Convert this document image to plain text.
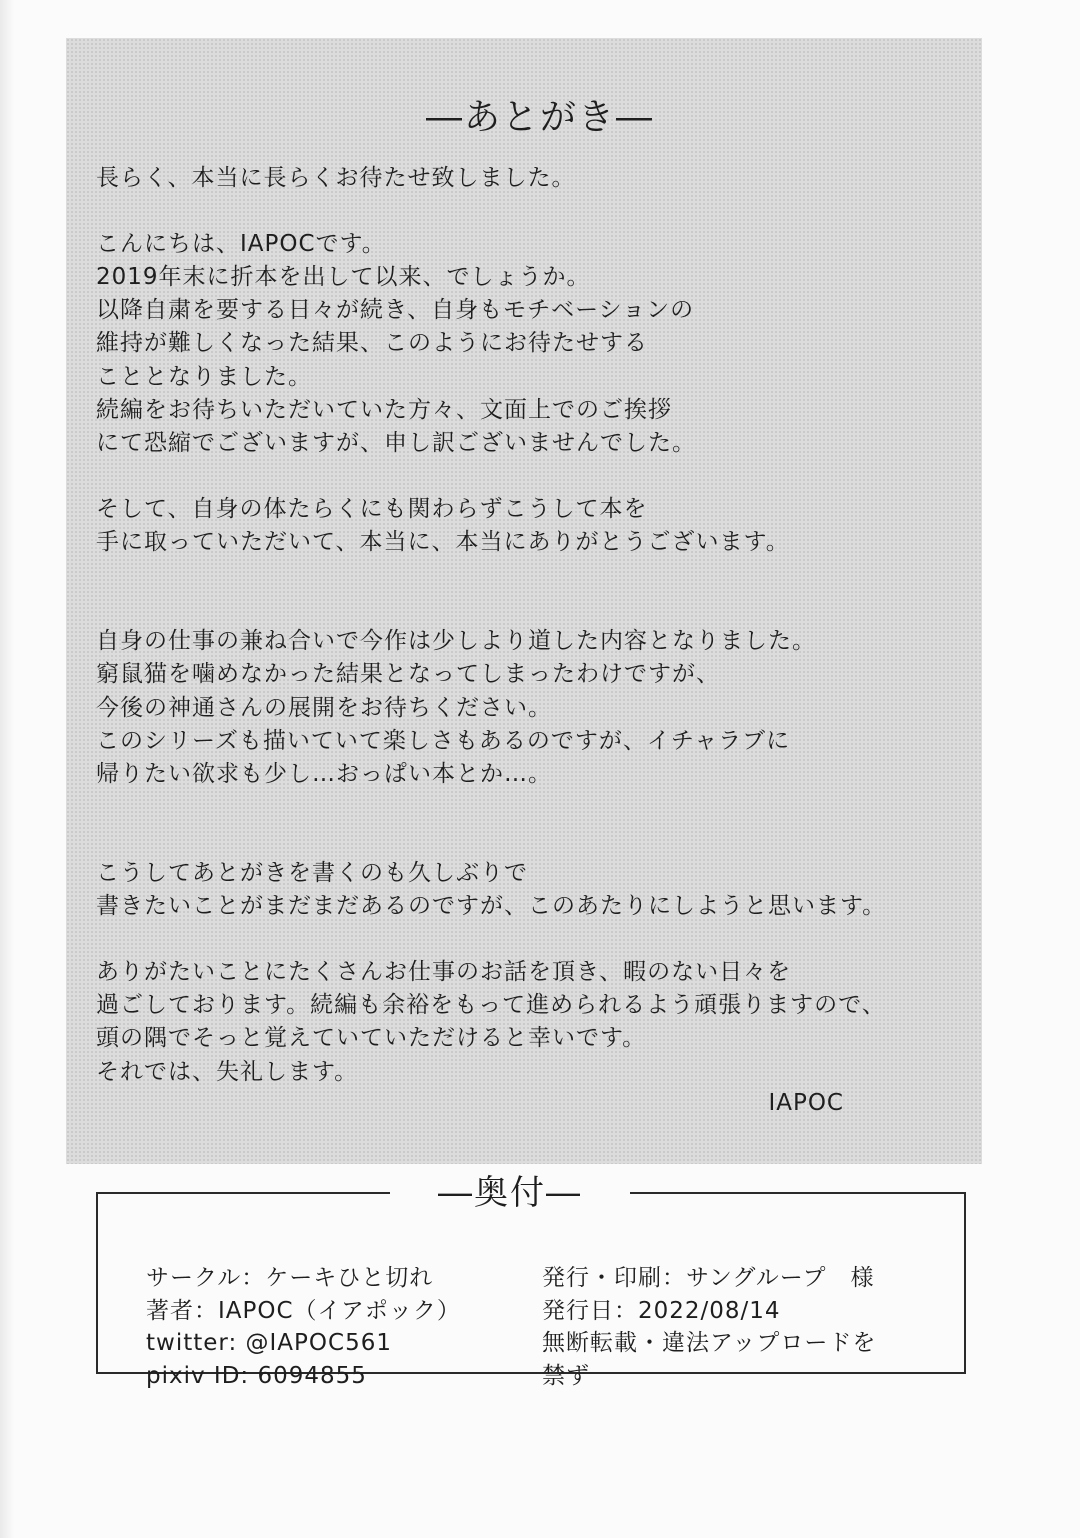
―あとがき―
長らく、本当に長らくお待たせ致しました。
こんにちは、IAPOCです。
2019年末に折本を出して以来、でしょうか。
以降自粛を要する日々が続き、自身もモチベーションの
維持が難しくなった結果、このようにお待たせする
こととなりました。
続編をお待ちいただいていた方々、文面上でのご挨拶
にて恐縮でございますが、申し訳ございませんでした。
そして、自身の体たらくにも関わらずこうして本を
手に取っていただいて、本当に、本当にありがとうございます。
自身の仕事の兼ね合いで今作は少しより道した内容となりました。
窮鼠猫を噛めなかった結果となってしまったわけですが、
今後の神通さんの展開をお待ちください。
このシリーズも描いていて楽しさもあるのですが、イチャラブに
帰りたい欲求も少し…おっぱい本とか…。
こうしてあとがきを書くのも久しぶりで
書きたいことがまだまだあるのですが、このあたりにしようと思います。
ありがたいことにたくさんお仕事のお話を頂き、暇のない日々を
過ごしております。続編も余裕をもって進められるよう頑張りますので、
頭の隅でそっと覚えていていただけると幸いです。
それでは、失礼します。
IAPOC
―奥付―
サークル：ケーキひと切れ
著者：IAPOC（イアポック）
twitter: @IAPOC561
pixiv ID: 6094855
発行・印刷：サングループ　様
発行日：2022/08/14
無断転載・違法アップロードを
禁ず
